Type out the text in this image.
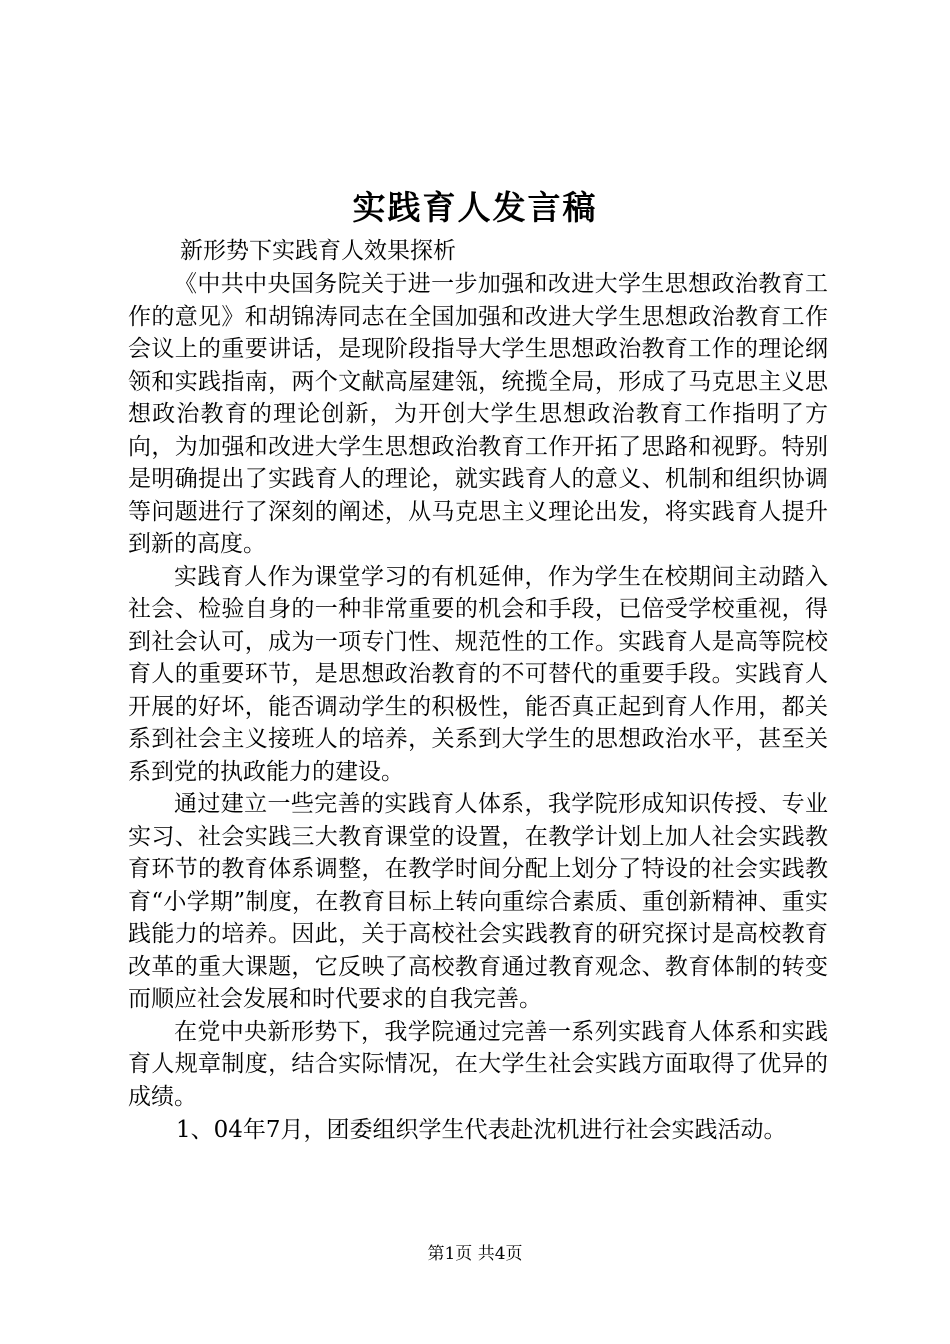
实践育人发言稿

新形势下实践育人效果探析

《中共中央国务院关于进一步加强和改进大学生思想政治教育工作的意见》和胡锦涛同志在全国加强和改进大学生思想政治教育工作会议上的重要讲话，是现阶段指导大学生思想政治教育工作的理论纲领和实践指南，两个文献高屋建瓴，统揽全局，形成了马克思主义思想政治教育的理论创新，为开创大学生思想政治教育工作指明了方向，为加强和改进大学生思想政治教育工作开拓了思路和视野。特别是明确提出了实践育人的理论，就实践育人的意义、机制和组织协调等问题进行了深刻的阐述，从马克思主义理论出发，将实践育人提升到新的高度。

实践育人作为课堂学习的有机延伸，作为学生在校期间主动踏入社会、检验自身的一种非常重要的机会和手段，已倍受学校重视，得到社会认可，成为一项专门性、规范性的工作。实践育人是高等院校育人的重要环节，是思想政治教育的不可替代的重要手段。实践育人开展的好坏，能否调动学生的积极性，能否真正起到育人作用，都关系到社会主义接班人的培养，关系到大学生的思想政治水平，甚至关系到党的执政能力的建设。

通过建立一些完善的实践育人体系，我学院形成知识传授、专业实习、社会实践三大教育课堂的设置，在教学计划上加人社会实践教育环节的教育体系调整，在教学时间分配上划分了特设的社会实践教育“小学期”制度，在教育目标上转向重综合素质、重创新精神、重实践能力的培养。因此，关于高校社会实践教育的研究探讨是高校教育改革的重大课题，它反映了高校教育通过教育观念、教育体制的转变而顺应社会发展和时代要求的自我完善。

在党中央新形势下，我学院通过完善一系列实践育人体系和实践育人规章制度，结合实际情况，在大学生社会实践方面取得了优异的成绩。

1、04年7月，团委组织学生代表赴沈机进行社会实践活动。

第1页 共4页
